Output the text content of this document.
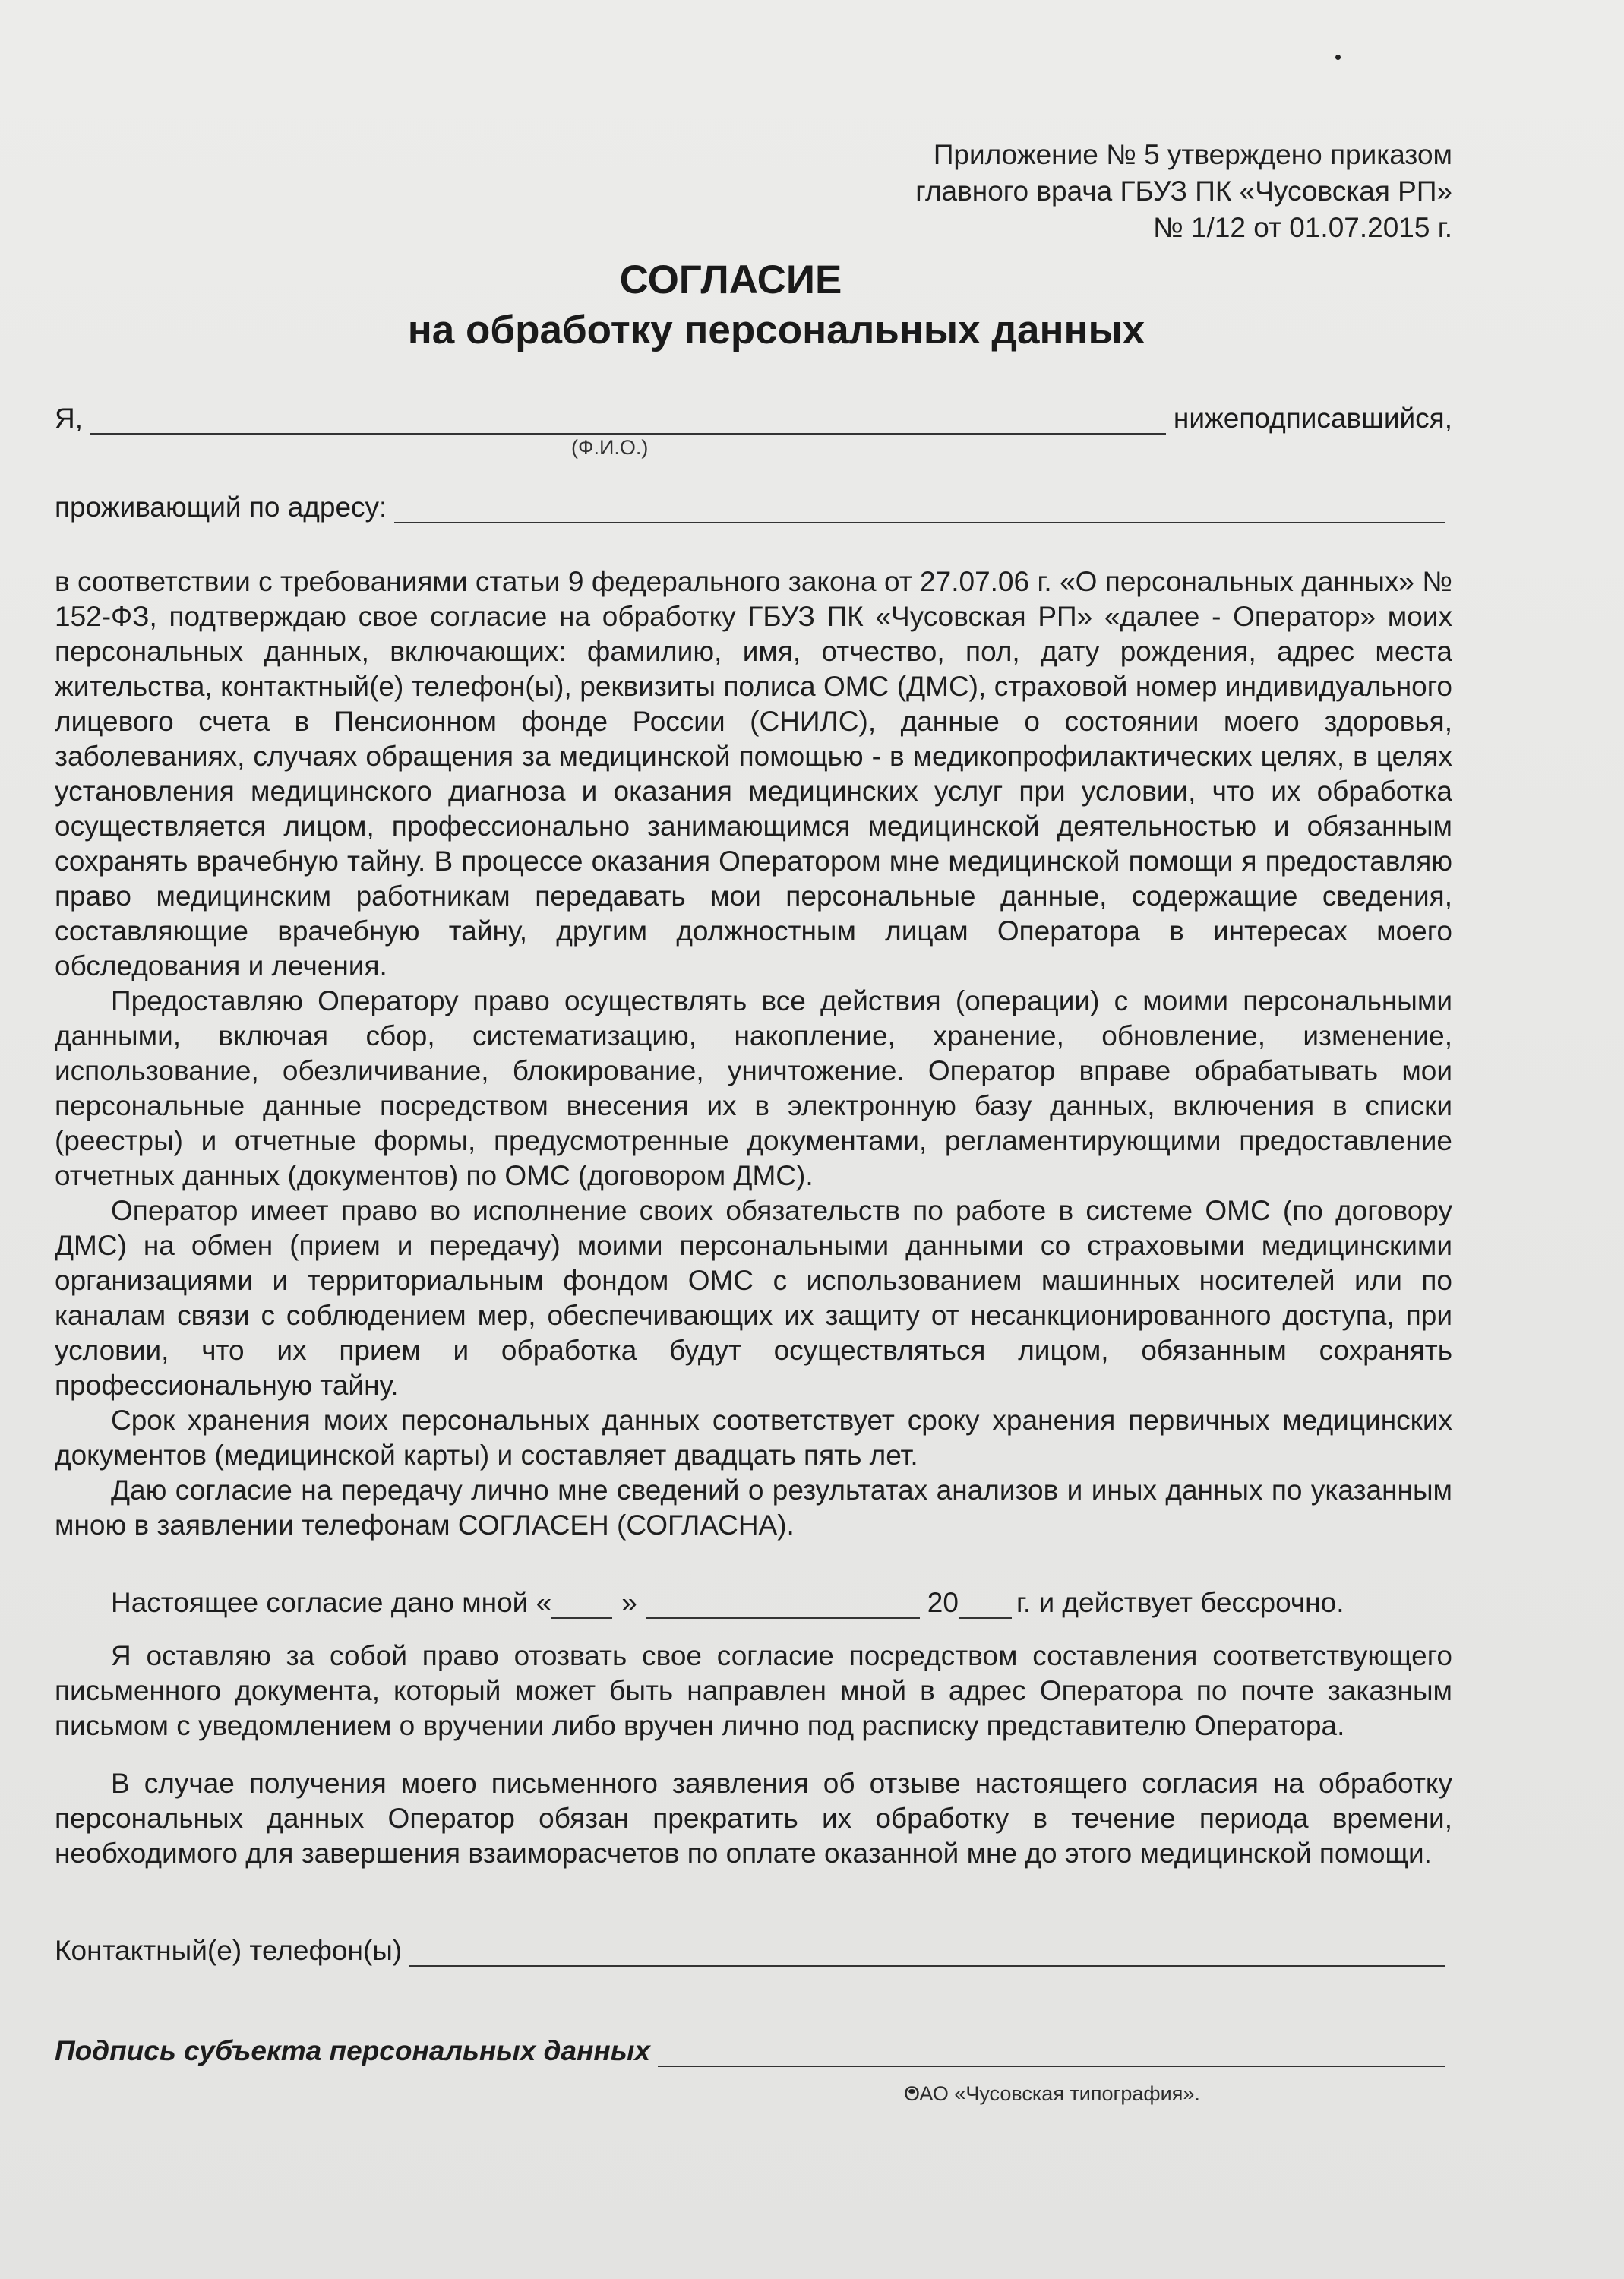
Приложение № 5 утверждено приказом
главного врача ГБУЗ ПК «Чусовская РП»
№ 1/12 от 01.07.2015 г.
СОГЛАСИЕ
на обработку персональных данных
Я,	нижеподписавшийся,
(Ф.И.О.)
проживающий по адресу:

в соответствии с требованиями статьи 9 федерального закона от 27.07.06 г. «О персональных данных» № 152-ФЗ, подтверждаю свое согласие на обработку ГБУЗ ПК «Чусовская РП» «далее - Оператор» моих персональных данных, включающих: фамилию, имя, отчество, пол, дату рождения, адрес места жительства, контактный(е) телефон(ы), реквизиты полиса ОМС (ДМС), страховой номер индивидуального лицевого счета в Пенсионном фонде России (СНИЛС), данные о состоянии моего здоровья, заболеваниях, случаях обращения за медицинской помощью - в медикопрофилактических целях, в целях установления медицинского диагноза и оказания медицинских услуг при условии, что их обработка осуществляется лицом, профессионально занимающимся медицинской деятельностью и обязанным сохранять врачебную тайну. В процессе оказания Оператором мне медицинской помощи я предоставляю право медицинским работникам передавать мои персональные данные, содержащие сведения, составляющие врачебную тайну, другим должностным лицам Оператора в интересах моего обследования и лечения.

Предоставляю Оператору право осуществлять все действия (операции) с моими персональными данными, включая сбор, систематизацию, накопление, хранение, обновление, изменение, использование, обезличивание, блокирование, уничтожение. Оператор вправе обрабатывать мои персональные данные посредством внесения их в электронную базу данных, включения в списки (реестры) и отчетные формы, предусмотренные документами, регламентирующими предоставление отчетных данных (документов) по ОМС (договором ДМС).

Оператор имеет право во исполнение своих обязательств по работе в системе ОМС (по договору ДМС) на обмен (прием и передачу) моими персональными данными со страховыми медицинскими организациями и территориальным фондом ОМС с использованием машинных носителей или по каналам связи с соблюдением мер, обеспечивающих их защиту от несанкционированного доступа, при условии, что их прием и обработка будут осуществляться лицом, обязанным сохранять профессиональную тайну.

Срок хранения моих персональных данных соответствует сроку хранения первичных медицинских документов (медицинской карты) и составляет двадцать пять лет.

Даю согласие на передачу лично мне сведений о результатах анализов и иных данных по указанным мною в заявлении телефонам СОГЛАСЕН (СОГЛАСНА).

Настоящее согласие дано мной « »	20 г. и действует бессрочно.

Я оставляю за собой право отозвать свое согласие посредством составления соответствующего письменного документа, который может быть направлен мной в адрес Оператора по почте заказным письмом с уведомлением о вручении либо вручен лично под расписку представителю Оператора.

В случае получения моего письменного заявления об отзыве настоящего согласия на обработку персональных данных Оператор обязан прекратить их обработку в течение периода времени, необходимого для завершения взаиморасчетов по оплате оказанной мне до этого медицинской помощи.

Контактный(е) телефон(ы)
Подпись субъекта персональных данных
ОАО «Чусовская типография».
